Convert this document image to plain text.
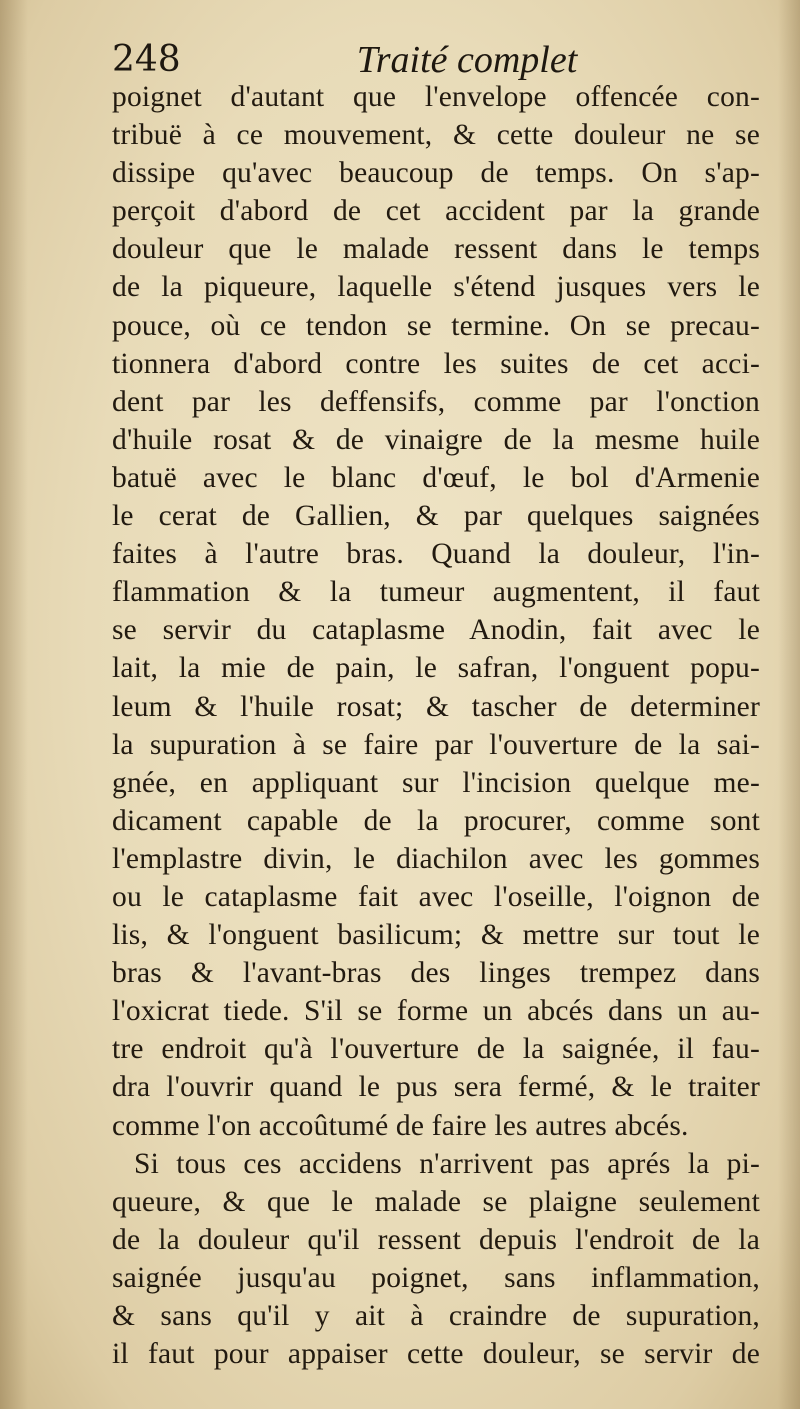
248	Traité complet
poignet d'autant que l'envelope offencée con-
tribuë à ce mouvement, & cette douleur ne se
dissipe qu'avec beaucoup de temps. On s'ap-
perçoit d'abord de cet accident par la grande
douleur que le malade ressent dans le temps
de la piqueure, laquelle s'étend jusques vers le
pouce, où ce tendon se termine. On se precau-
tionnera d'abord contre les suites de cet acci-
dent par les deffensifs, comme par l'onction
d'huile rosat & de vinaigre de la mesme huile
batuë avec le blanc d'œuf, le bol d'Armenie
le cerat de Gallien, & par quelques saignées
faites à l'autre bras. Quand la douleur, l'in-
flammation & la tumeur augmentent, il faut
se servir du cataplasme Anodin, fait avec le
lait, la mie de pain, le safran, l'onguent popu-
leum & l'huile rosat; & tascher de determiner
la supuration à se faire par l'ouverture de la sai-
gnée, en appliquant sur l'incision quelque me-
dicament capable de la procurer, comme sont
l'emplastre divin, le diachilon avec les gommes
ou le cataplasme fait avec l'oseille, l'oignon de
lis, & l'onguent basilicum; & mettre sur tout le
bras & l'avant-bras des linges trempez dans
l'oxicrat tiede. S'il se forme un abcés dans un au-
tre endroit qu'à l'ouverture de la saignée, il fau-
dra l'ouvrir quand le pus sera fermé, & le traiter
comme l'on accoûtumé de faire les autres abcés.
Si tous ces accidens n'arrivent pas aprés la pi-
queure, & que le malade se plaigne seulement
de la douleur qu'il ressent depuis l'endroit de la
saignée jusqu'au poignet, sans inflammation,
& sans qu'il y ait à craindre de supuration,
il faut pour appaiser cette douleur, se servir de
